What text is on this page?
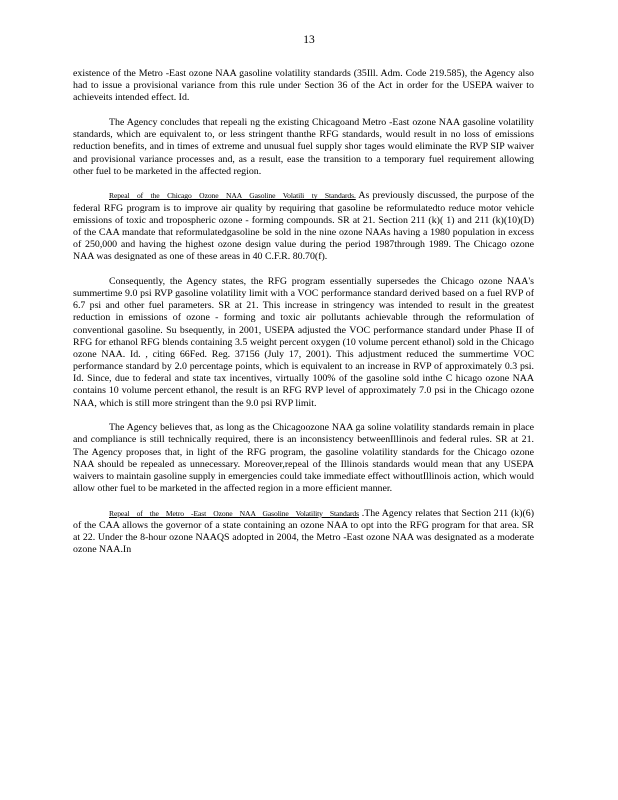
13

existence of the Metro -East ozone NAA gasoline volatility standards (35Ill. Adm. Code 219.585), the Agency also had to issue a provisional variance from this rule under Section 36 of the Act in order for the USEPA waiver to achieveits intended effect. Id.

The Agency concludes that repeali ng the existing Chicagoand Metro -East ozone NAA gasoline volatility standards, which are equivalent to, or less stringent thanthe RFG standards, would result in no loss of emissions reduction benefits, and in times of extreme and unusual fuel supply shor tages would eliminate the RVP SIP waiver and provisional variance processes and, as a result, ease the transition to a temporary fuel requirement allowing other fuel to be marketed in the affected region.

Repeal of the Chicago Ozone NAA Gasoline Volatili ty Standards. As previously discussed, the purpose of the federal RFG program is to improve air quality by requiring that gasoline be reformulatedto reduce motor vehicle emissions of toxic and tropospheric ozone - forming compounds. SR at 21. Section 211 (k)( 1) and 211 (k)(10)(D) of the CAA mandate that reformulatedgasoline be sold in the nine ozone NAAs having a 1980 population in excess of 250,000 and having the highest ozone design value during the period 1987through 1989. The Chicago ozone NAA was designated as one of these areas in 40 C.F.R. 80.70(f).

Consequently, the Agency states, the RFG program essentially supersedes the Chicago ozone NAA's summertime 9.0 psi RVP gasoline volatility limit with a VOC performance standard derived based on a fuel RVP of 6.7 psi and other fuel parameters. SR at 21. This increase in stringency was intended to result in the greatest reduction in emissions of ozone - forming and toxic air pollutants achievable through the reformulation of conventional gasoline. Su bsequently, in 2001, USEPA adjusted the VOC performance standard under Phase II of RFG for ethanol RFG blends containing 3.5 weight percent oxygen (10 volume percent ethanol) sold in the Chicago ozone NAA. Id. , citing 66Fed. Reg. 37156 (July 17, 2001). This adjustment reduced the summertime VOC performance standard by 2.0 percentage points, which is equivalent to an increase in RVP of approximately 0.3 psi. Id. Since, due to federal and state tax incentives, virtually 100% of the gasoline sold inthe C hicago ozone NAA contains 10 volume percent ethanol, the result is an RFG RVP level of approximately 7.0 psi in the Chicago ozone NAA, which is still more stringent than the 9.0 psi RVP limit.

The Agency believes that, as long as the Chicagoozone NAA ga soline volatility standards remain in place and compliance is still technically required, there is an inconsistency betweenIllinois and federal rules. SR at 21. The Agency proposes that, in light of the RFG program, the gasoline volatility standards for the Chicago ozone NAA should be repealed as unnecessary. Moreover,repeal of the Illinois standards would mean that any USEPA waivers to maintain gasoline supply in emergencies could take immediate effect withoutIllinois action, which would allow other fuel to be marketed in the affected region in a more efficient manner.

Repeal of the Metro -East Ozone NAA Gasoline Volatility Standards .The Agency relates that Section 211 (k)(6) of the CAA allows the governor of a state containing an ozone NAA to opt into the RFG program for that area. SR at 22. Under the 8-hour ozone NAAQS adopted in 2004, the Metro -East ozone NAA was designated as a moderate ozone NAA.In
